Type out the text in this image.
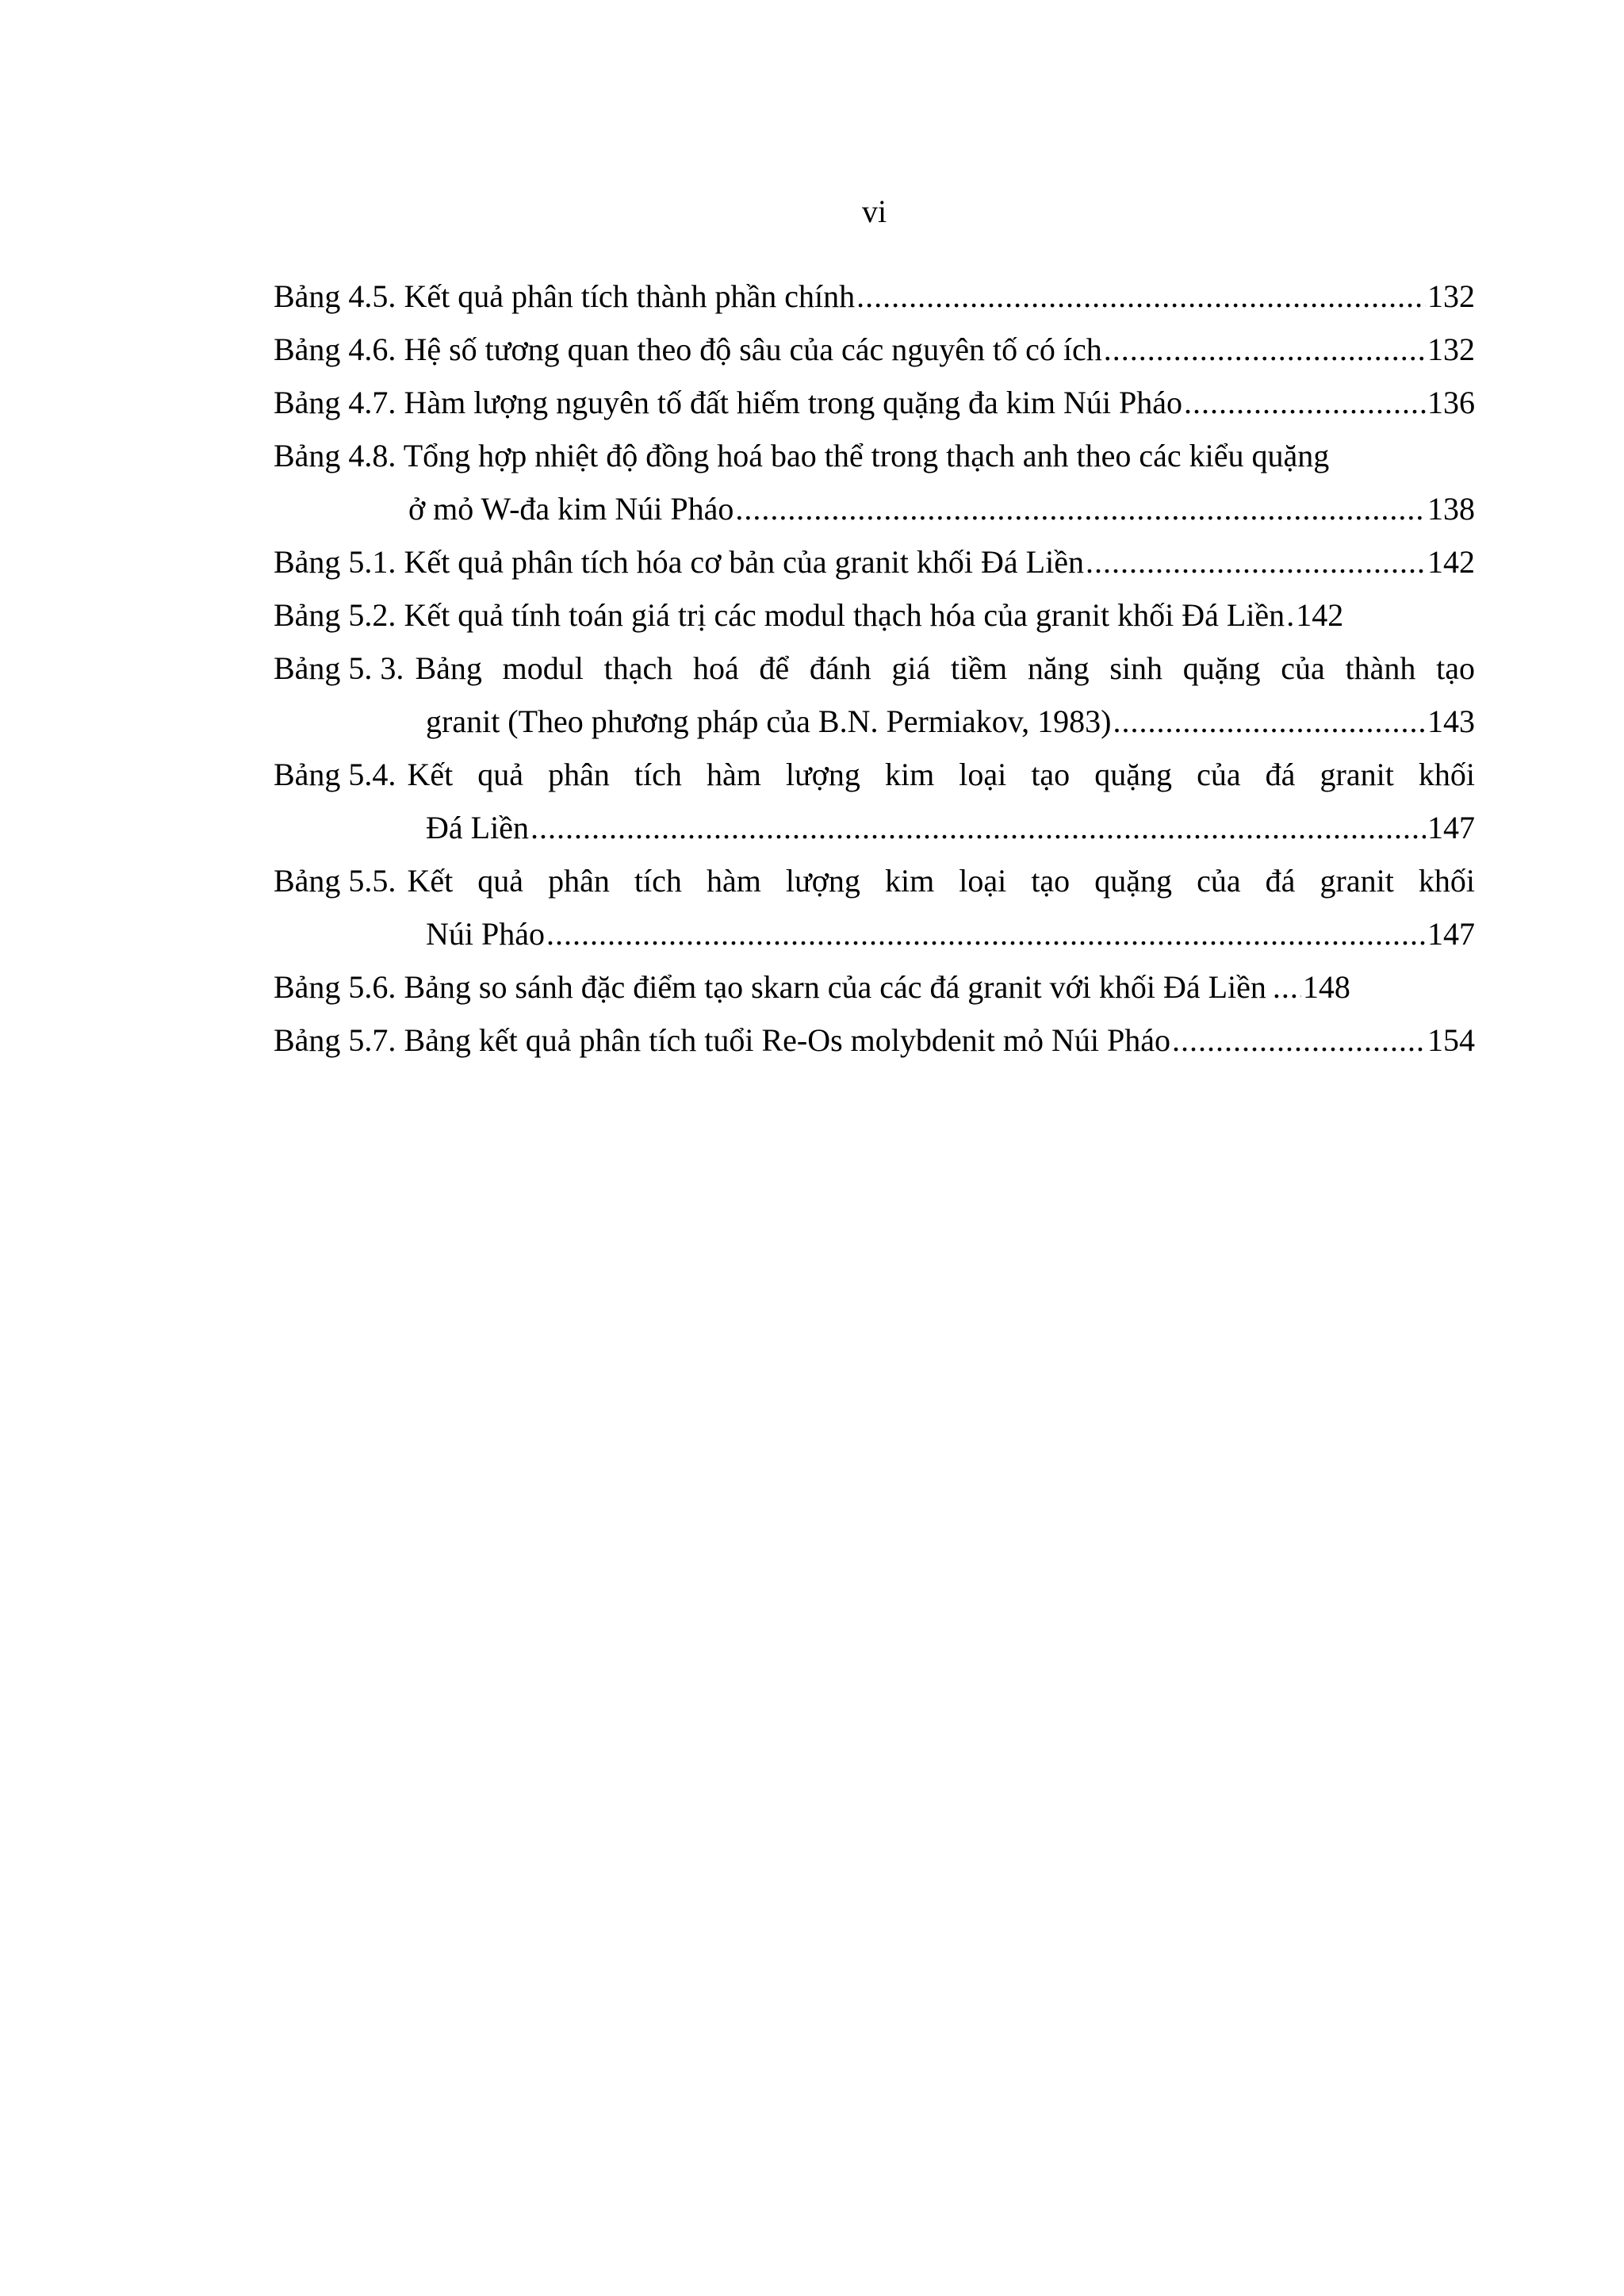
vi
Bảng 4.5. Kết quả phân tích thành phần chính .....	132
Bảng 4.6. Hệ số tương quan theo độ sâu của các nguyên tố có ích .....	132
Bảng 4.7. Hàm lượng nguyên tố đất hiếm trong quặng đa kim Núi Pháo .....	136
Bảng 4.8. Tổng hợp nhiệt độ đồng hoá bao thể trong thạch anh theo các kiểu quặng
ở mỏ W-đa kim Núi Pháo .....	138
Bảng 5.1. Kết quả phân tích hóa cơ bản của granit khối Đá Liền .....	142
Bảng 5.2. Kết quả tính toán giá trị các modul thạch hóa của granit khối Đá Liền ..... 142
Bảng 5. 3. Bảng modul thạch hoá để đánh giá tiềm năng sinh quặng của thành tạo
granit (Theo phương pháp của B.N. Permiakov, 1983) .....	143
Bảng 5.4. Kết quả phân tích hàm lượng kim loại tạo quặng của đá granit khối
Đá Liền .....	147
Bảng 5.5. Kết quả phân tích hàm lượng kim loại tạo quặng của đá granit khối
Núi Pháo .....	147
Bảng 5.6. Bảng so sánh đặc điểm tạo skarn của các đá granit với khối Đá Liền ..... 148
Bảng 5.7. Bảng kết quả phân tích tuổi Re-Os molybdenit mỏ Núi Pháo .....	154
